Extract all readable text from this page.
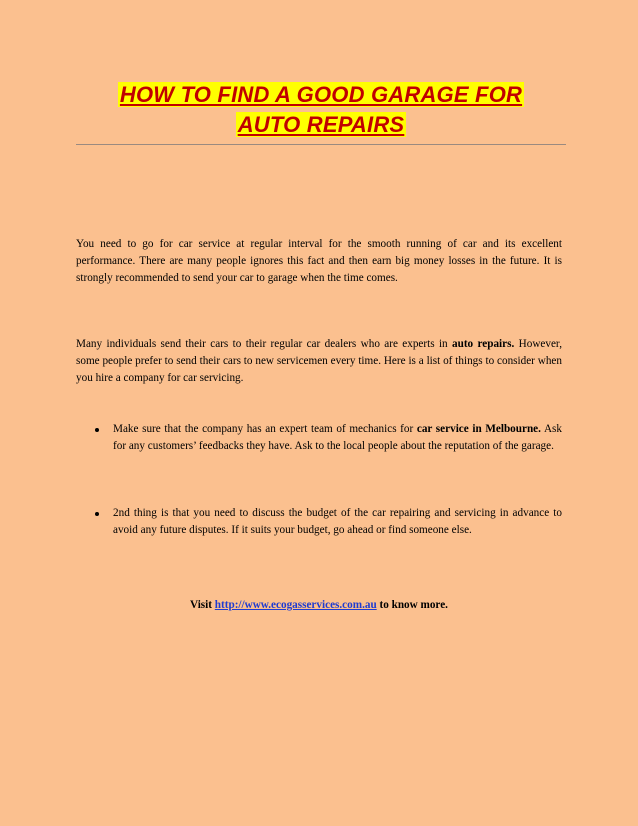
HOW TO FIND A GOOD GARAGE FOR
AUTO REPAIRS

You need to go for car service at regular interval for the smooth running of car and its excellent performance. There are many people ignores this fact and then earn big money losses in the future. It is strongly recommended to send your car to garage when the time comes.

Many individuals send their cars to their regular car dealers who are experts in auto repairs. However, some people prefer to send their cars to new servicemen every time. Here is a list of things to consider when you hire a company for car servicing.

Make sure that the company has an expert team of mechanics for car service in Melbourne. Ask for any customers’ feedbacks they have. Ask to the local people about the reputation of the garage.
2nd thing is that you need to discuss the budget of the car repairing and servicing in advance to avoid any future disputes. If it suits your budget, go ahead or find someone else.
Visit http://www.ecogasservices.com.au to know more.
